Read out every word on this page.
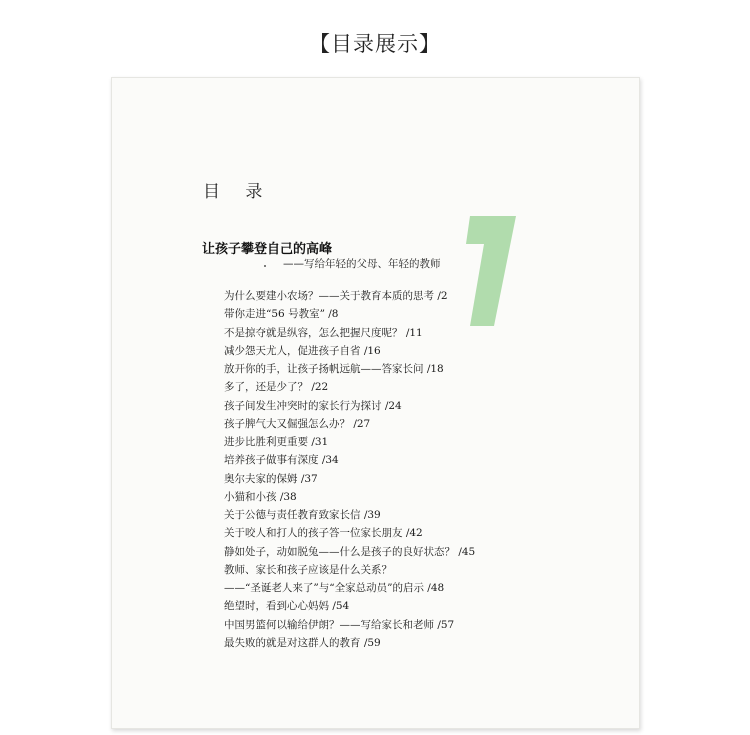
【目录展示】
目 录
让孩子攀登自己的高峰
——写给年轻的父母、年轻的教师
为什么要建小农场？——关于教育本质的思考 /2
带你走进“56 号教室” /8
不是掠夺就是纵容，怎么把握尺度呢？ /11
减少怨天尤人，促进孩子自省 /16
放开你的手，让孩子扬帆远航——答家长问 /18
多了，还是少了？ /22
孩子间发生冲突时的家长行为探讨 /24
孩子脾气大又倔强怎么办？ /27
进步比胜利更重要 /31
培养孩子做事有深度 /34
奥尔夫家的保姆 /37
小猫和小孩 /38
关于公德与责任教育致家长信 /39
关于咬人和打人的孩子答一位家长朋友 /42
静如处子，动如脱兔——什么是孩子的良好状态？ /45
教师、家长和孩子应该是什么关系？
——“圣诞老人来了”与“全家总动员”的启示 /48
绝望时，看到心心妈妈 /54
中国男篮何以输给伊朗？——写给家长和老师 /57
最失败的就是对这群人的教育 /59
